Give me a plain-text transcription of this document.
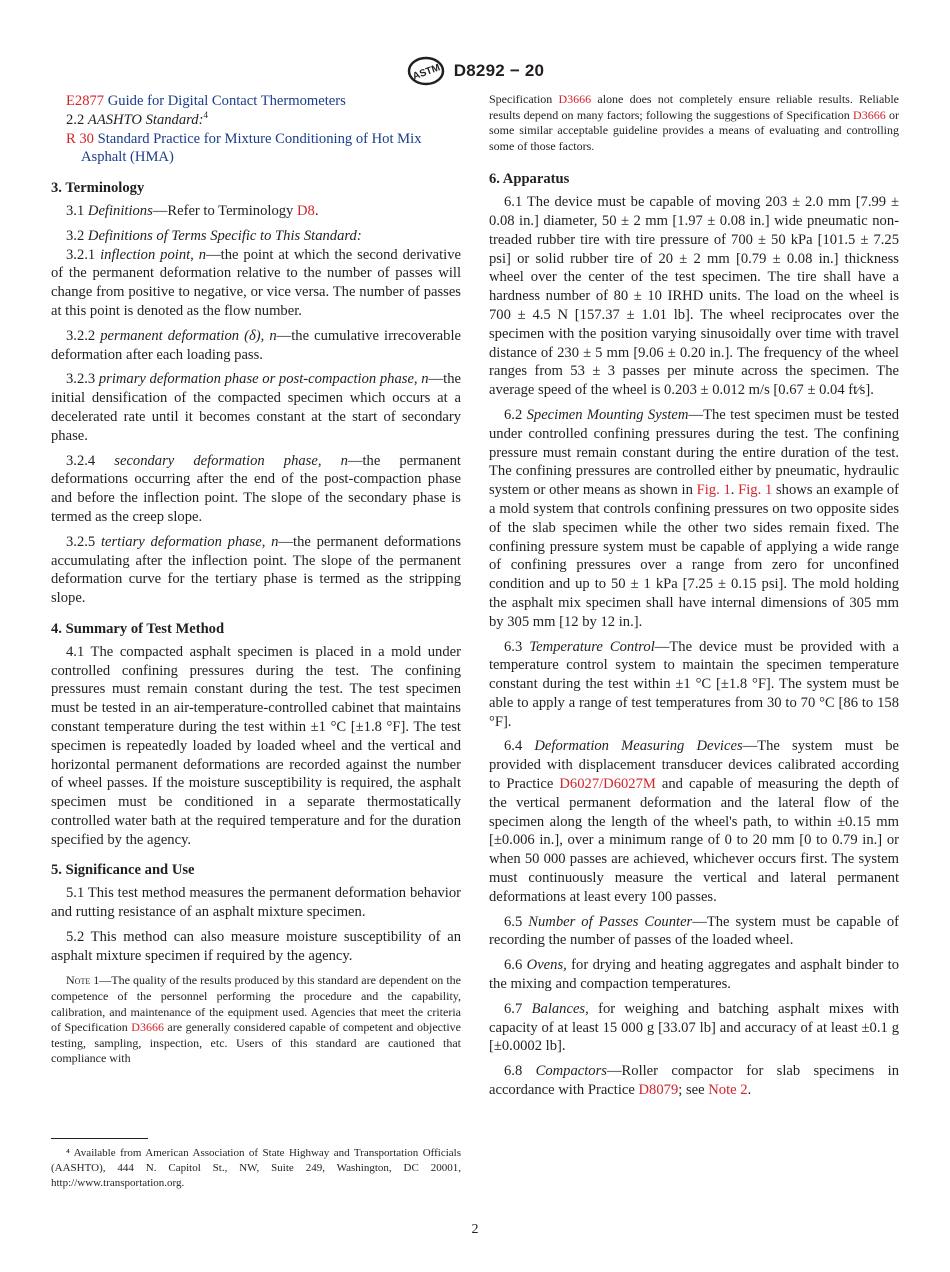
ASTM D8292 − 20

E2877 Guide for Digital Contact Thermometers

2.2 AASHTO Standard:$^4$

R 30 Standard Practice for Mixture Conditioning of Hot Mix Asphalt (HMA)

3. Terminology

3.1 Definitions—Refer to Terminology D8.

3.2 Definitions of Terms Specific to This Standard:

3.2.1 inflection point, n—the point at which the second derivative of the permanent deformation relative to the number of passes will change from positive to negative, or vice versa. The number of passes at this point is denoted as the flow number.

3.2.2 permanent deformation (δ), n—the cumulative irrecoverable deformation after each loading pass.

3.2.3 primary deformation phase or post-compaction phase, n—the initial densification of the compacted specimen which occurs at a decelerated rate until it becomes constant at the start of secondary phase.

3.2.4 secondary deformation phase, n—the permanent deformations occurring after the end of the post-compaction phase and before the inflection point. The slope of the secondary phase is termed as the creep slope.

3.2.5 tertiary deformation phase, n—the permanent deformations accumulating after the inflection point. The slope of the permanent deformation curve for the tertiary phase is termed as the stripping slope.

4. Summary of Test Method

4.1 The compacted asphalt specimen is placed in a mold under controlled confining pressures during the test. The confining pressures must remain constant during the test. The test specimen must be tested in an air-temperature-controlled cabinet that maintains constant temperature during the test within ±1 °C [±1.8 °F]. The test specimen is repeatedly loaded by loaded wheel and the vertical and horizontal permanent deformations are recorded against the number of wheel passes. If the moisture susceptibility is required, the asphalt specimen must be conditioned in a separate thermostatically controlled water bath at the required temperature and for the duration specified by the agency.

5. Significance and Use

5.1 This test method measures the permanent deformation behavior and rutting resistance of an asphalt mixture specimen.

5.2 This method can also measure moisture susceptibility of an asphalt mixture specimen if required by the agency.

Note 1—The quality of the results produced by this standard are dependent on the competence of the personnel performing the procedure and the capability, calibration, and maintenance of the equipment used. Agencies that meet the criteria of Specification D3666 are generally considered capable of competent and objective testing, sampling, inspection, etc. Users of this standard are cautioned that compliance with

⁴ Available from American Association of State Highway and Transportation Officials (AASHTO), 444 N. Capitol St., NW, Suite 249, Washington, DC 20001, http://www.transportation.org.

Specification D3666 alone does not completely ensure reliable results. Reliable results depend on many factors; following the suggestions of Specification D3666 or some similar acceptable guideline provides a means of evaluating and controlling some of those factors.

6. Apparatus

6.1 The device must be capable of moving 203 ± 2.0 mm [7.99 ± 0.08 in.] diameter, 50 ± 2 mm [1.97 ± 0.08 in.] wide pneumatic non-treaded rubber tire with tire pressure of 700 ± 50 kPa [101.5 ± 7.25 psi] or solid rubber tire of 20 ± 2 mm [0.79 ± 0.08 in.] thickness wheel over the center of the test specimen. The tire shall have a hardness number of 80 ± 10 IRHD units. The load on the wheel is 700 ± 4.5 N [157.37 ± 1.01 lb]. The wheel reciprocates over the specimen with the position varying sinusoidally over time with travel distance of 230 ± 5 mm [9.06 ± 0.20 in.]. The frequency of the wheel ranges from 53 ± 3 passes per minute across the specimen. The average speed of the wheel is 0.203 ± 0.012 m/s [0.67 ± 0.04 ft⁄s].

6.2 Specimen Mounting System—The test specimen must be tested under controlled confining pressures during the test. The confining pressure must remain constant during the entire duration of the test. The confining pressures are controlled either by pneumatic, hydraulic system or other means as shown in Fig. 1. Fig. 1 shows an example of a mold system that controls confining pressures on two opposite sides of the slab specimen while the other two sides remain fixed. The confining pressure system must be capable of applying a wide range of confining pressures over a range from zero for unconfined condition and up to 50 ± 1 kPa [7.25 ± 0.15 psi]. The mold holding the asphalt mix specimen shall have internal dimensions of 305 mm by 305 mm [12 by 12 in.].

6.3 Temperature Control—The device must be provided with a temperature control system to maintain the specimen temperature constant during the test within ±1 °C [±1.8 °F]. The system must be able to apply a range of test temperatures from 30 to 70 °C [86 to 158 °F].

6.4 Deformation Measuring Devices—The system must be provided with displacement transducer devices calibrated according to Practice D6027/D6027M and capable of measuring the depth of the vertical permanent deformation and the lateral flow of the specimen along the length of the wheel's path, to within ±0.15 mm [±0.006 in.], over a minimum range of 0 to 20 mm [0 to 0.79 in.] or when 50 000 passes are achieved, whichever occurs first. The system must continuously measure the vertical and lateral permanent deformations at least every 100 passes.

6.5 Number of Passes Counter—The system must be capable of recording the number of passes of the loaded wheel.

6.6 Ovens, for drying and heating aggregates and asphalt binder to the mixing and compaction temperatures.

6.7 Balances, for weighing and batching asphalt mixes with capacity of at least 15 000 g [33.07 lb] and accuracy of at least ±0.1 g [±0.0002 lb].

6.8 Compactors—Roller compactor for slab specimens in accordance with Practice D8079; see Note 2.

2
